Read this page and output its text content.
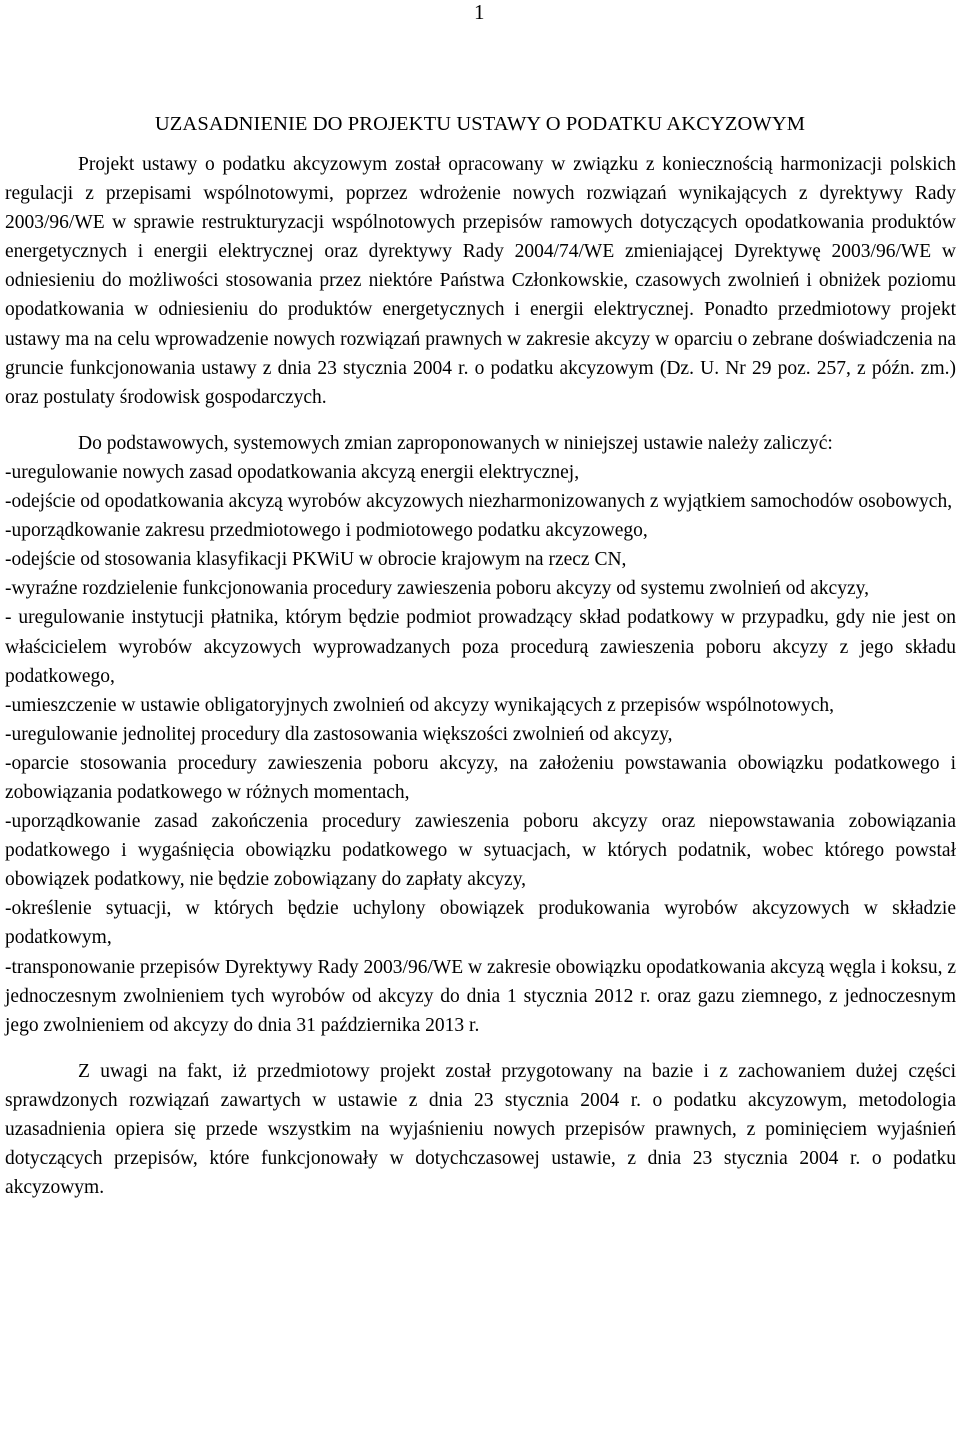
1
UZASADNIENIE DO PROJEKTU USTAWY O PODATKU AKCYZOWYM

Projekt ustawy o podatku akcyzowym został opracowany w związku z koniecznością harmonizacji polskich regulacji z przepisami wspólnotowymi, poprzez wdrożenie nowych rozwiązań wynikających z dyrektywy Rady 2003/96/WE w sprawie restrukturyzacji wspólnotowych przepisów ramowych dotyczących opodatkowania produktów energetycznych i energii elektrycznej oraz dyrektywy Rady 2004/74/WE zmieniającej Dyrektywę 2003/96/WE w odniesieniu do możliwości stosowania przez niektóre Państwa Członkowskie, czasowych zwolnień i obniżek poziomu opodatkowania w odniesieniu do produktów energetycznych i energii elektrycznej. Ponadto przedmiotowy projekt ustawy ma na celu wprowadzenie nowych rozwiązań prawnych w zakresie akcyzy w oparciu o zebrane doświadczenia na gruncie funkcjonowania ustawy z dnia 23 stycznia 2004 r. o podatku akcyzowym (Dz. U. Nr 29 poz. 257, z późn. zm.) oraz postulaty środowisk gospodarczych.

Do podstawowych, systemowych zmian zaproponowanych w niniejszej ustawie należy zaliczyć:

-uregulowanie nowych zasad opodatkowania akcyzą energii elektrycznej,
-odejście od opodatkowania akcyzą wyrobów akcyzowych niezharmonizowanych z wyjątkiem samochodów osobowych,
-uporządkowanie zakresu przedmiotowego i podmiotowego podatku akcyzowego,
-odejście od stosowania klasyfikacji PKWiU w obrocie krajowym na rzecz CN,
-wyraźne rozdzielenie funkcjonowania procedury zawieszenia poboru akcyzy od systemu zwolnień od akcyzy,
- uregulowanie instytucji płatnika, którym będzie podmiot prowadzący skład podatkowy w przypadku, gdy nie jest on właścicielem wyrobów akcyzowych wyprowadzanych poza procedurą zawieszenia poboru akcyzy z jego składu podatkowego,
-umieszczenie w ustawie obligatoryjnych zwolnień od akcyzy wynikających z przepisów wspólnotowych,
-uregulowanie jednolitej procedury dla zastosowania większości zwolnień od akcyzy,
-oparcie stosowania procedury zawieszenia poboru akcyzy, na założeniu powstawania obowiązku podatkowego i zobowiązania podatkowego w różnych momentach,
-uporządkowanie zasad zakończenia procedury zawieszenia poboru akcyzy oraz niepowstawania zobowiązania podatkowego i wygaśnięcia obowiązku podatkowego w sytuacjach, w których podatnik, wobec którego powstał obowiązek podatkowy, nie będzie zobowiązany do zapłaty akcyzy,
-określenie sytuacji, w których będzie uchylony obowiązek produkowania wyrobów akcyzowych w składzie podatkowym,
-transponowanie przepisów Dyrektywy Rady 2003/96/WE w zakresie obowiązku opodatkowania akcyzą węgla i koksu, z jednoczesnym zwolnieniem tych wyrobów od akcyzy do dnia 1 stycznia 2012 r. oraz gazu ziemnego, z jednoczesnym jego zwolnieniem od akcyzy do dnia 31 października 2013 r.

Z uwagi na fakt, iż przedmiotowy projekt został przygotowany na bazie i z zachowaniem dużej części sprawdzonych rozwiązań zawartych w ustawie z dnia 23 stycznia 2004 r. o podatku akcyzowym, metodologia uzasadnienia opiera się przede wszystkim na wyjaśnieniu nowych przepisów prawnych, z pominięciem wyjaśnień dotyczących przepisów, które funkcjonowały w dotychczasowej ustawie, z dnia 23 stycznia 2004 r. o podatku akcyzowym.
